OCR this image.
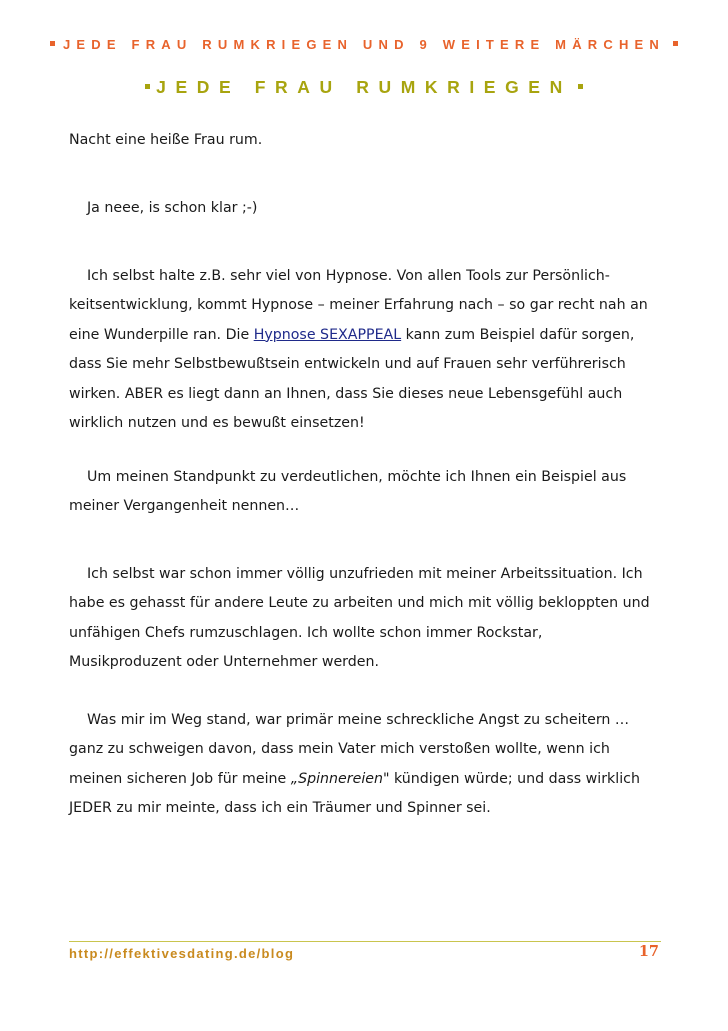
JEDE FRAU RUMKRIEGEN UND 9 WEITERE MÄRCHEN
JEDE FRAU RUMKRIEGEN

Nacht eine heiße Frau rum.

Ja neee, is schon klar ;-)

Ich selbst halte z.B. sehr viel von Hypnose. Von allen Tools zur Persönlich-keitsentwicklung, kommt Hypnose – meiner Erfahrung nach – so gar recht nah an eine Wunderpille ran. Die Hypnose SEXAPPEAL kann zum Beispiel dafür sorgen, dass Sie mehr Selbstbewußtsein entwickeln und auf Frauen sehr verführerisch wirken. ABER es liegt dann an Ihnen, dass Sie dieses neue Lebensgefühl auch wirklich nutzen und es bewußt einsetzen!

Um meinen Standpunkt zu verdeutlichen, möchte ich Ihnen ein Beispiel aus meiner Vergangenheit nennen…

Ich selbst war schon immer völlig unzufrieden mit meiner Arbeitssituation. Ich habe es gehasst für andere Leute zu arbeiten und mich mit völlig bekloppten und unfähigen Chefs rumzuschlagen. Ich wollte schon immer Rockstar, Musikproduzent oder Unternehmer werden.

Was mir im Weg stand, war primär meine schreckliche Angst zu scheitern … ganz zu schweigen davon, dass mein Vater mich verstoßen wollte, wenn ich meinen sicheren Job für meine „Spinnereien" kündigen würde; und dass wirklich JEDER zu mir meinte, dass ich ein Träumer und Spinner sei.

http://effektivesdating.de/blog	17
